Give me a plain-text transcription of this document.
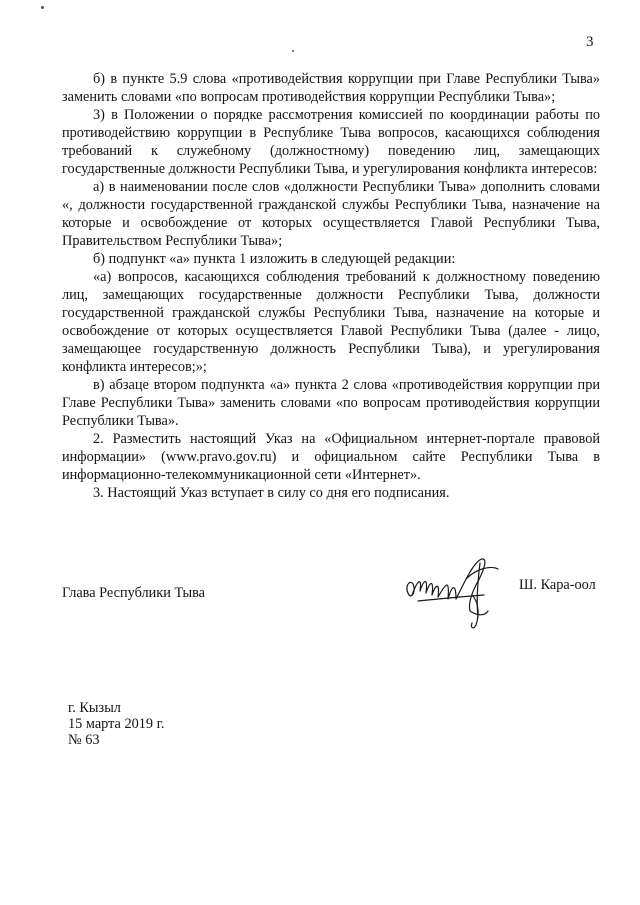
3

б) в пункте 5.9 слова «противодействия коррупции при Главе Республики Тыва» заменить словами «по вопросам противодействия коррупции Республики Тыва»;

3) в Положении о порядке рассмотрения комиссией по координации работы по противодействию коррупции в Республике Тыва вопросов, касающихся соблюдения требований к служебному (должностному) поведению лиц, замещающих государственные должности Республики Тыва, и урегулирования конфликта интересов:

а) в наименовании после слов «должности Республики Тыва» дополнить словами «, должности государственной гражданской службы Республики Тыва, назначение на которые и освобождение от которых осуществляется Главой Республики Тыва, Правительством Республики Тыва»;

б) подпункт «а» пункта 1 изложить в следующей редакции:

«а) вопросов, касающихся соблюдения требований к должностному поведению лиц, замещающих государственные должности Республики Тыва, должности государственной гражданской службы Республики Тыва, назначение на которые и освобождение от которых осуществляется Главой Республики Тыва (далее - лицо, замещающее государственную должность Республики Тыва), и урегулирования конфликта интересов;»;

в) абзаце втором подпункта «а» пункта 2 слова «противодействия коррупции при Главе Республики Тыва» заменить словами «по вопросам противодействия коррупции Республики Тыва».

2. Разместить настоящий Указ на «Официальном интернет-портале правовой информации» (www.pravo.gov.ru) и официальном сайте Республики Тыва в информационно-телекоммуникационной сети «Интернет».

3. Настоящий Указ вступает в силу со дня его подписания.

Глава Республики Тыва	Ш. Кара-оол
г. Кызыл
15 марта 2019 г.
№ 63
